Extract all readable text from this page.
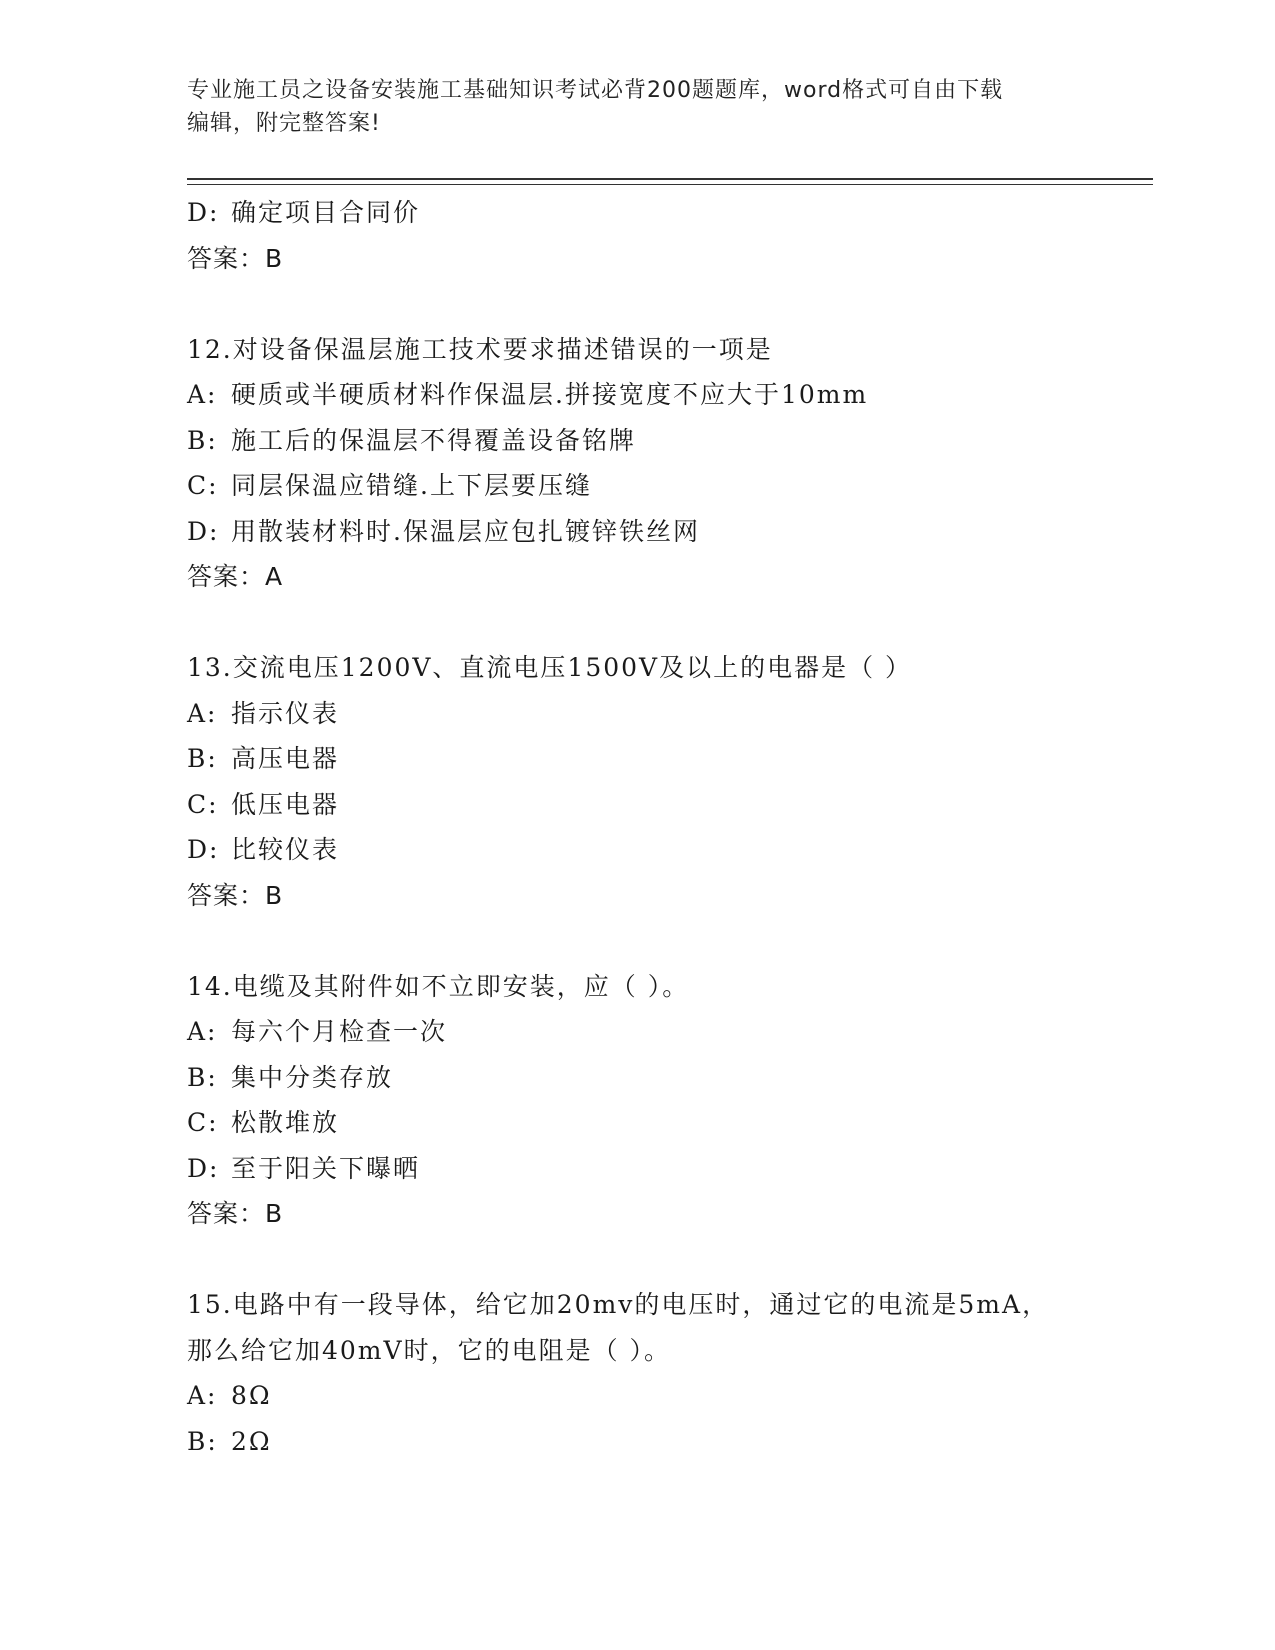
专业施工员之设备安装施工基础知识考试必背200题题库，word格式可自由下载
编辑，附完整答案!
D: 确定项目合同价
答案：B
12.对设备保温层施工技术要求描述错误的一项是
A: 硬质或半硬质材料作保温层.拼接宽度不应大于10mm
B: 施工后的保温层不得覆盖设备铭牌
C: 同层保温应错缝.上下层要压缝
D: 用散装材料时.保温层应包扎镀锌铁丝网
答案：A
13.交流电压1200V、直流电压1500V及以上的电器是（ ）
A: 指示仪表
B: 高压电器
C: 低压电器
D: 比较仪表
答案：B
14.电缆及其附件如不立即安装，应（ ）。
A: 每六个月检查一次
B: 集中分类存放
C: 松散堆放
D: 至于阳关下曝晒
答案：B
15.电路中有一段导体，给它加20mv的电压时，通过它的电流是5mA，
那么给它加40mV时，它的电阻是（ ）。
A: 8Ω
B: 2Ω
